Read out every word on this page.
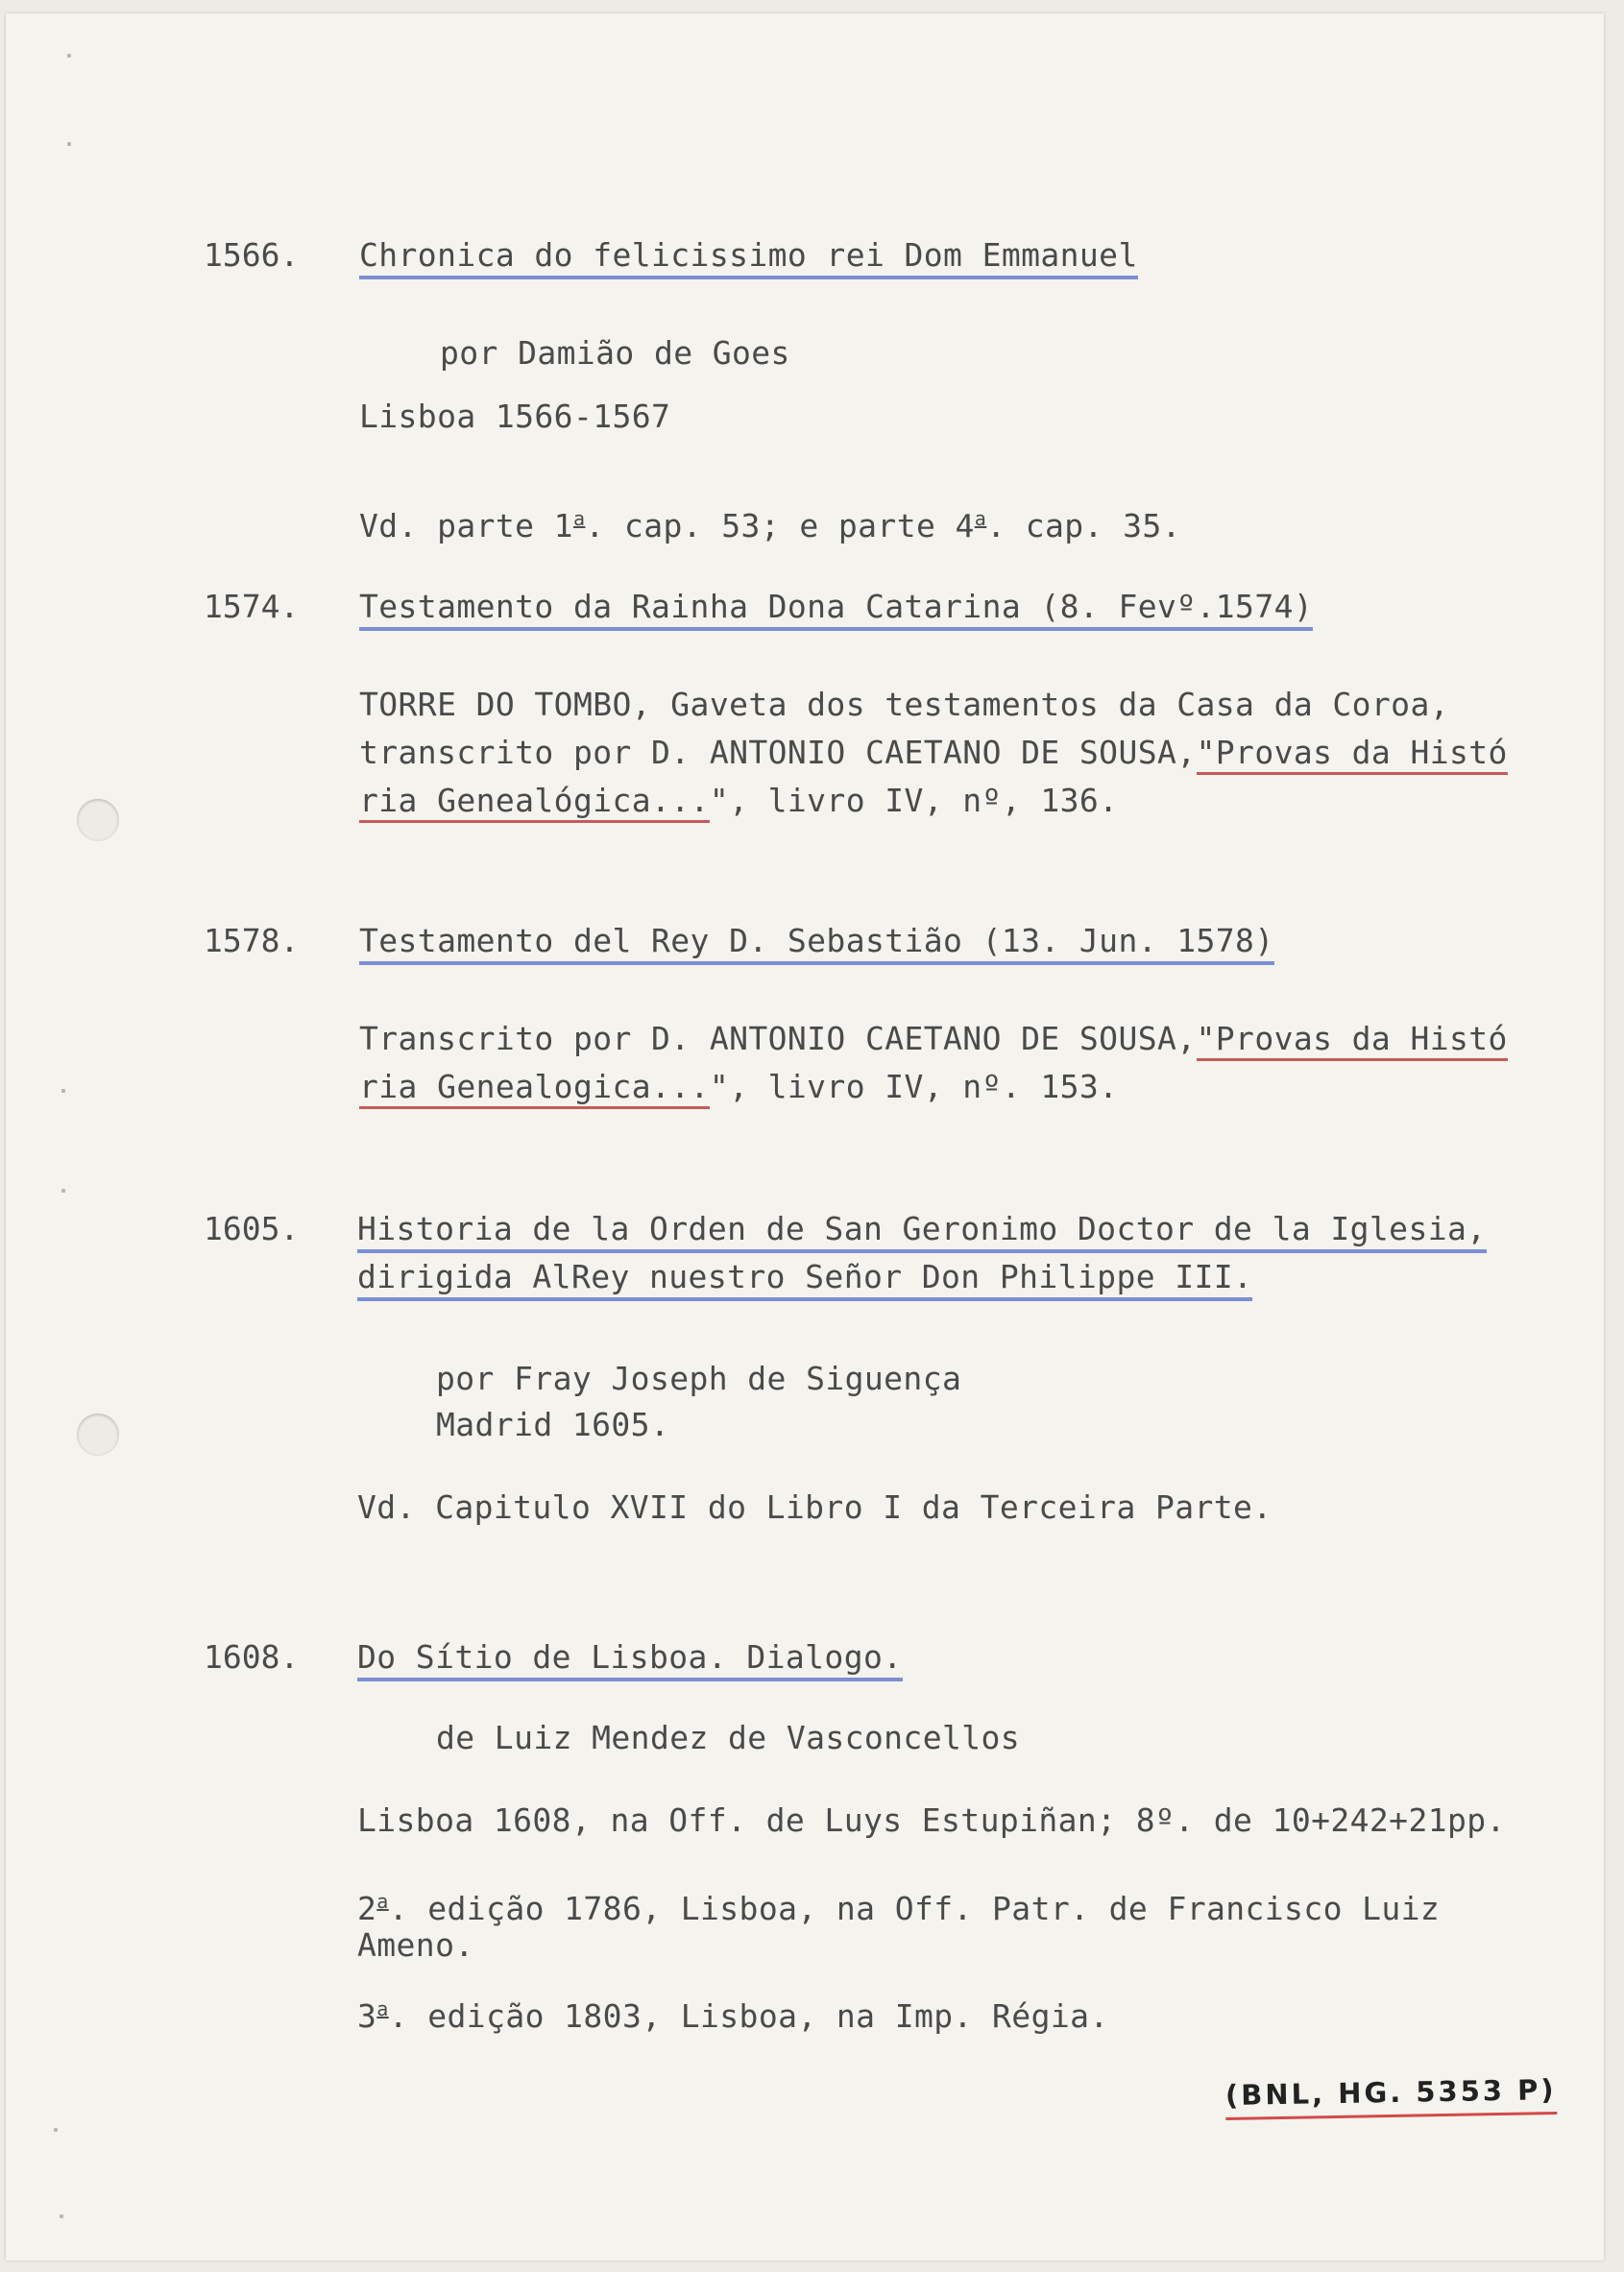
1566. Chronica do felicissimo rei Dom Emmanuel
por Damião de Goes
Lisboa 1566-1567
Vd. parte 1$^a$. cap. 53; e parte 4$^a$. cap. 35.
1574. Testamento da Rainha Dona Catarina (8. Fevº.1574)
TORRE DO TOMBO, Gaveta dos testamentos da Casa da Coroa,
transcrito por D. ANTONIO CAETANO DE SOUSA,"Provas da Histó
ria Genealógica...", livro IV, nº, 136.
1578. Testamento del Rey D. Sebastião (13. Jun. 1578)
Transcrito por D. ANTONIO CAETANO DE SOUSA,"Provas da Histó
ria Genealogica...", livro IV, nº. 153.
1605. Historia de la Orden de San Geronimo Doctor de la Iglesia,
dirigida AlRey nuestro Señor Don Philippe III.
por Fray Joseph de Siguença
Madrid 1605.
Vd. Capitulo XVII do Libro I da Terceira Parte.
1608. Do Sítio de Lisboa. Dialogo.
de Luiz Mendez de Vasconcellos
Lisboa 1608, na Off. de Luys Estupiñan; 8º. de 10+242+21pp.
2$^a$. edição 1786, Lisboa, na Off. Patr. de Francisco Luiz
Ameno.
3$^a$. edição 1803, Lisboa, na Imp. Régia.
(BNL, HG. 5353 P)
